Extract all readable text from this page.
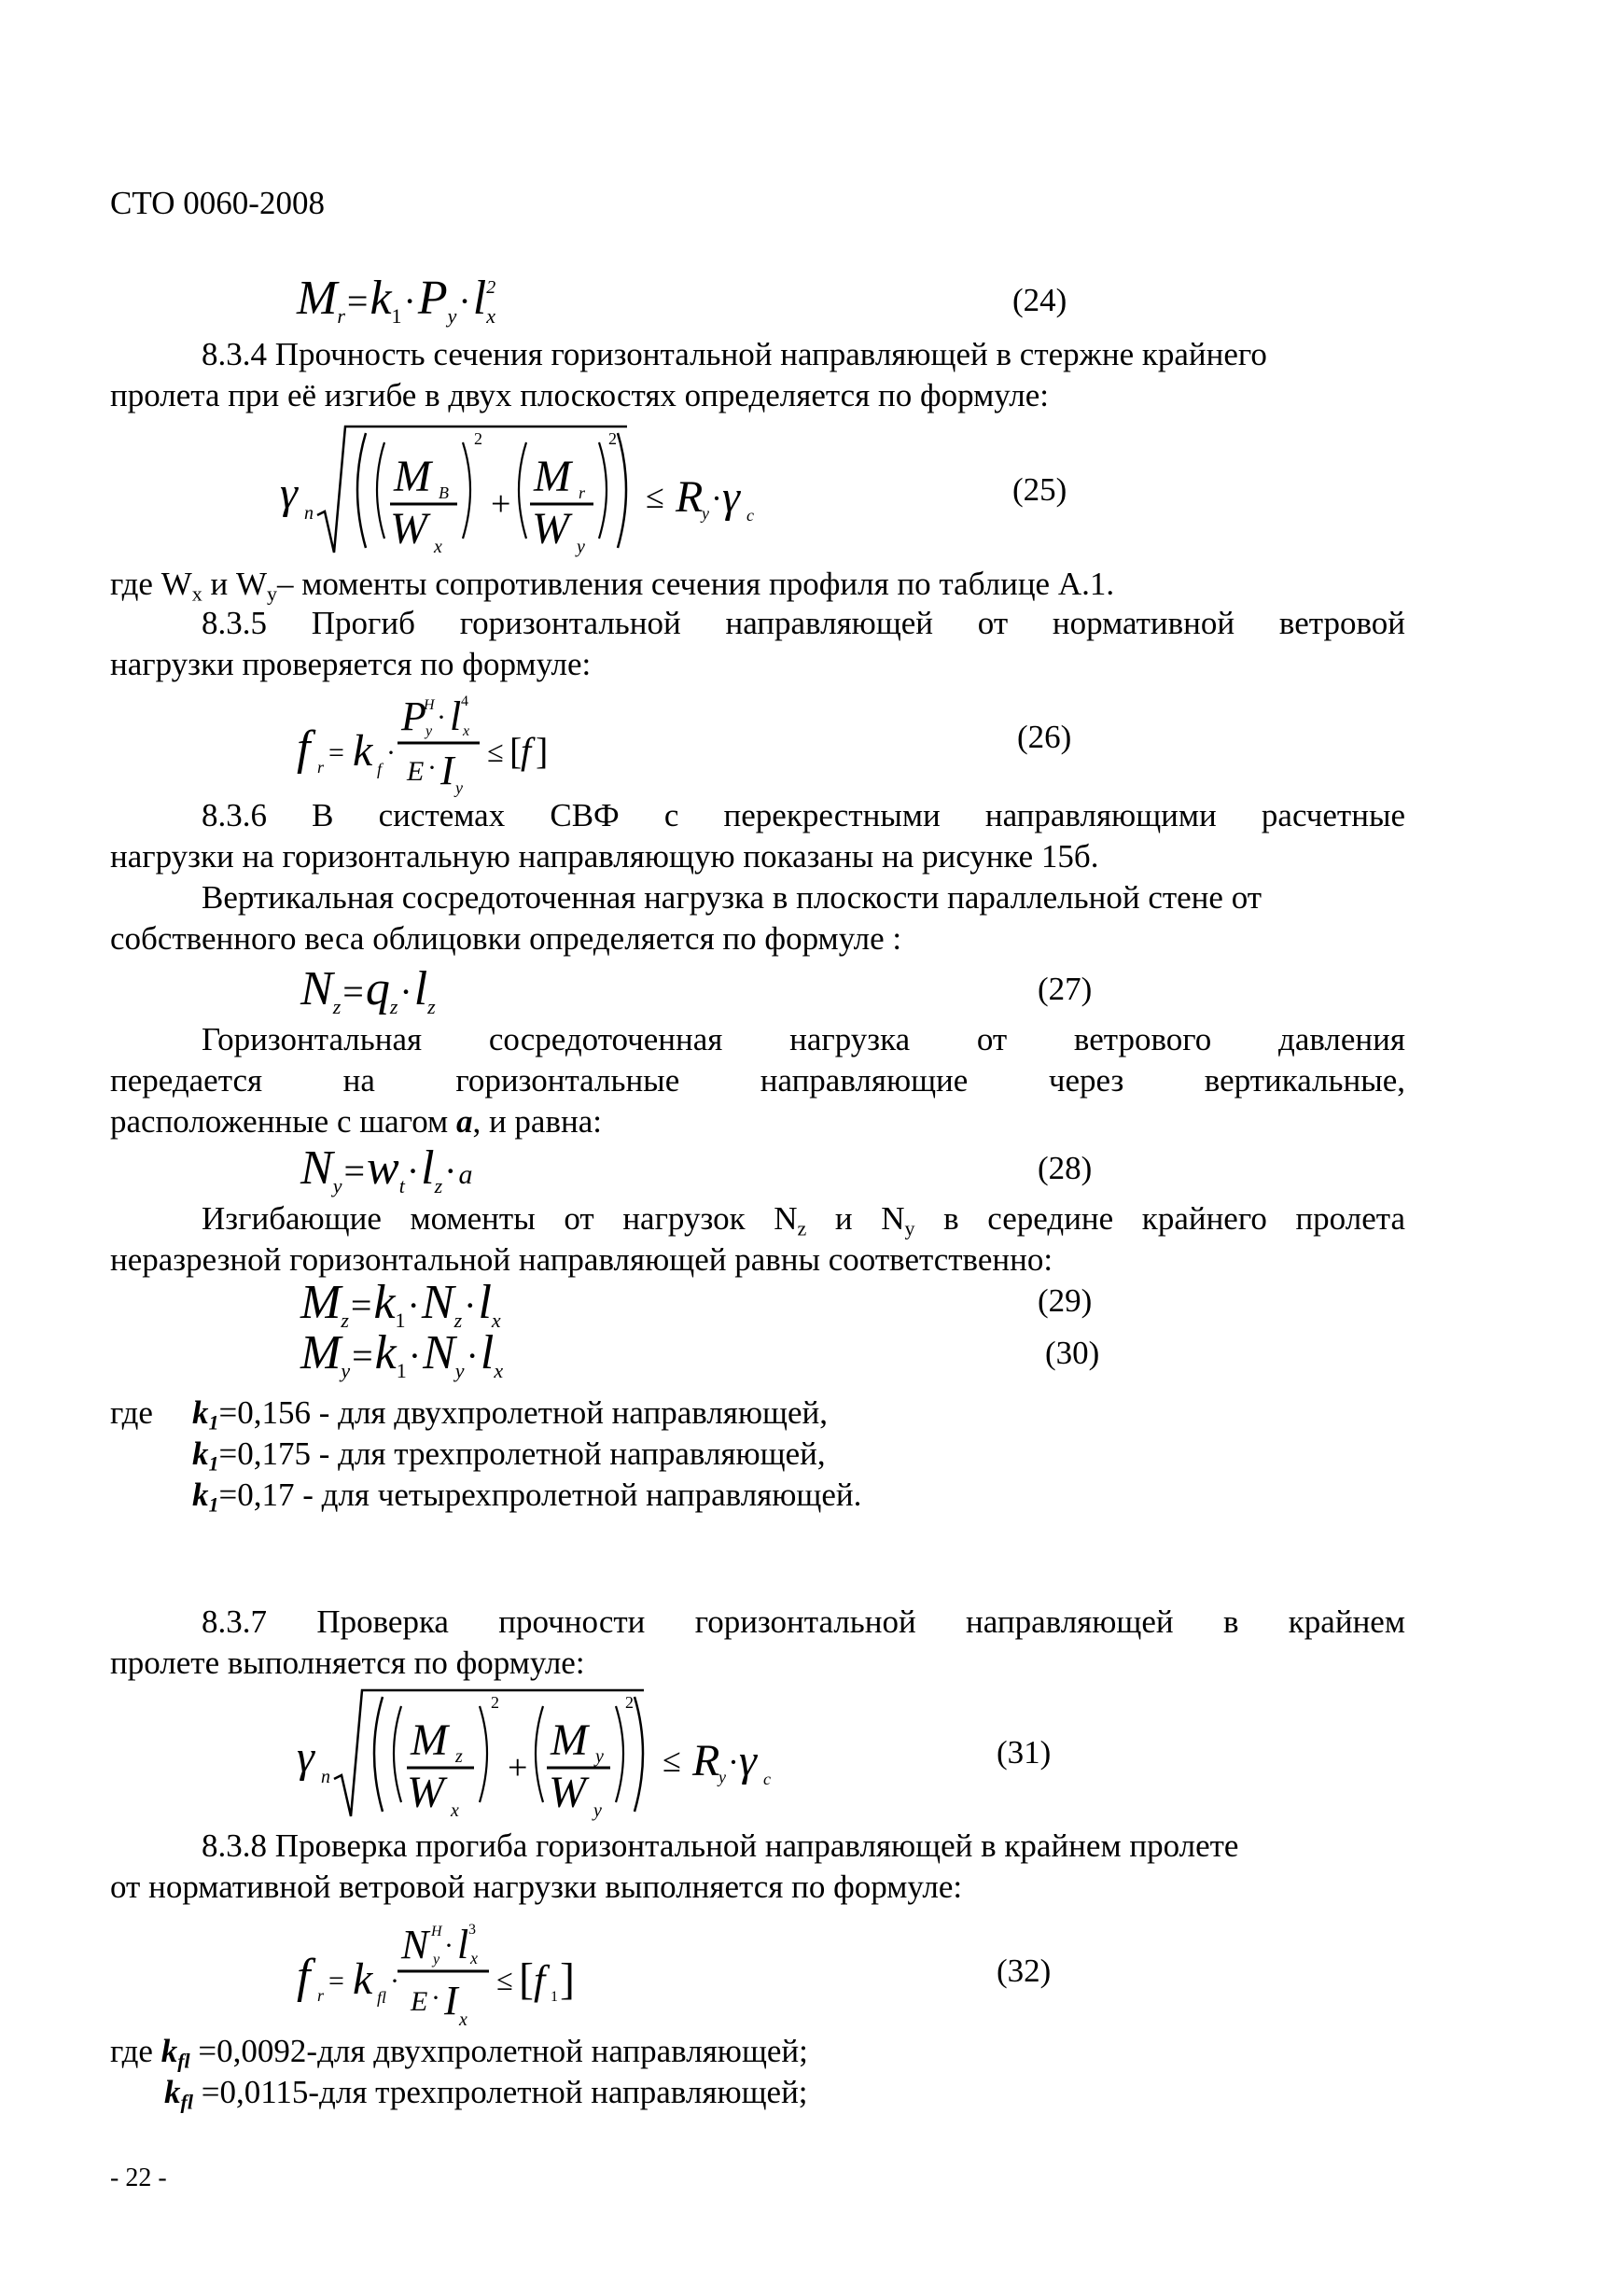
СТО 0060-2008
$M_r=k_1\cdot P_y\cdot l^2_x$	(24)
8.3.4 Прочность сечения горизонтальной направляющей в стержне крайнего
пролета при её изгибе в двух плоскостях определяется по формуле:
γ n
M B
W x
2
+
M r
W y
2
≤ R
y · γ c
(25)
где Wx и Wy– моменты сопротивления сечения профиля по таблице А.1.
8.3.5 Прогиб горизонтальной направляющей от нормативной ветровой
нагрузки проверяется по формуле:
f r = k f
·
P
H
y · l 4
x
E · I y
≤ [
f ]	(26)
8.3.6 В системах СВФ с перекрестными направляющими расчетные
нагрузки на горизонтальную направляющую показаны на рисунке 15б.
Вертикальная сосредоточенная нагрузка в плоскости параллельной стене от
собственного веса облицовки определяется по формуле :
$N_z=q_z\cdot l_z$	(27)
Горизонтальная сосредоточенная нагрузка от ветрового давления
передается на горизонтальные направляющие через вертикальные,
расположенные с шагом a, и равна:
$N_y=w_t\cdot l_z\cdot a$	(28)
Изгибающие моменты от нагрузок Nz и Ny в середине крайнего пролета
неразрезной горизонтальной направляющей равны соответственно:
$M_z=k_1\cdot N_z\cdot l_x$
(29)
$M_y=k_1\cdot N_y\cdot l_x$	(30)
где k1=0,156 - для двухпролетной направляющей,
k1=0,175 - для трехпролетной направляющей,
k1=0,17 - для четырехпролетной направляющей.
8.3.7 Проверка прочности горизонтальной направляющей в крайнем
пролете выполняется по формуле:
γ n
M z
W x
2
+
M y
W y
2
≤ R
y · γ c
(31)
8.3.8 Проверка прогиба горизонтальной направляющей в крайнем пролете
от нормативной ветровой нагрузки выполняется по формуле:
f r = k fl
·
N H
y · l 3
x
E · I x
≤ [ f 1 ]	(32)
где kfl =0,0092-для двухпролетной направляющей;
kfl =0,0115-для трехпролетной направляющей;
- 22 -
